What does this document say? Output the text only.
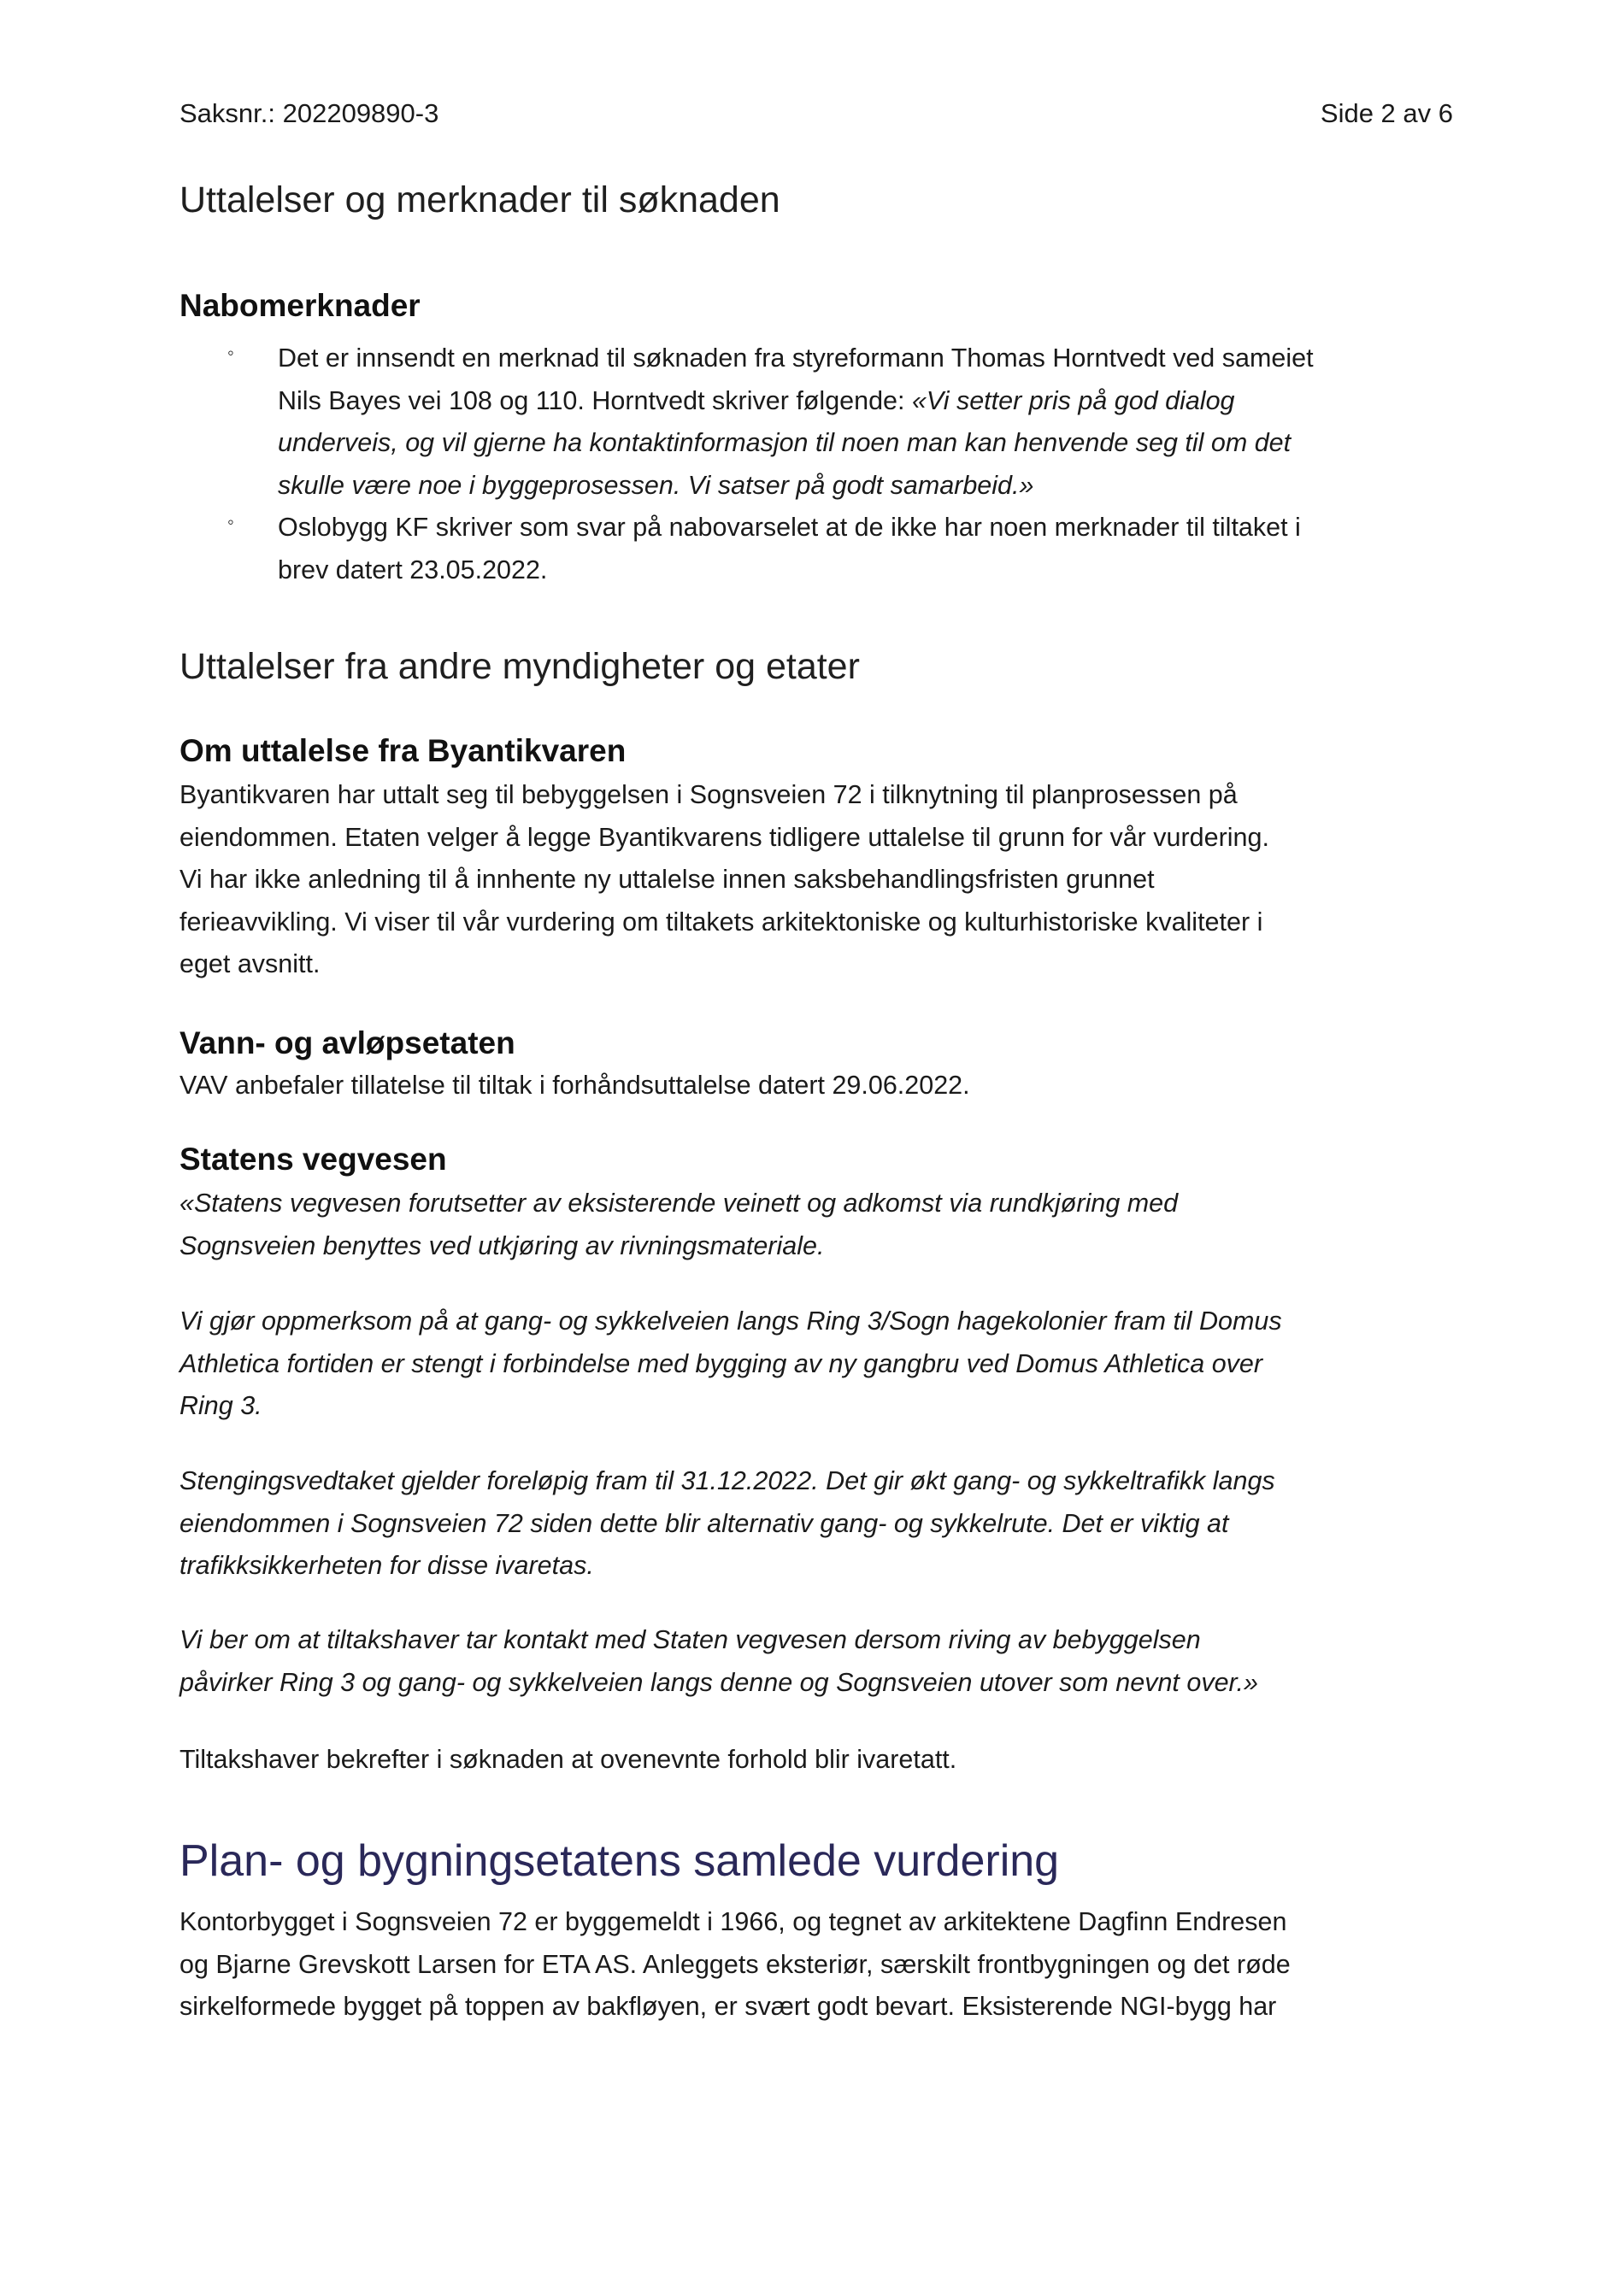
Saksnr.: 202209890-3	Side 2 av 6
Uttalelser og merknader til søknaden
Nabomerknader
◦ Det er innsendt en merknad til søknaden fra styreformann Thomas Horntvedt ved sameiet
Nils Bayes vei 108 og 110. Horntvedt skriver følgende: «Vi setter pris på god dialog
underveis, og vil gjerne ha kontaktinformasjon til noen man kan henvende seg til om det
skulle være noe i byggeprosessen. Vi satser på godt samarbeid.»
◦ Oslobygg KF skriver som svar på nabovarselet at de ikke har noen merknader til tiltaket i
brev datert 23.05.2022.
Uttalelser fra andre myndigheter og etater
Om uttalelse fra Byantikvaren
Byantikvaren har uttalt seg til bebyggelsen i Sognsveien 72 i tilknytning til planprosessen på
eiendommen. Etaten velger å legge Byantikvarens tidligere uttalelse til grunn for vår vurdering.
Vi har ikke anledning til å innhente ny uttalelse innen saksbehandlingsfristen grunnet
ferieavvikling. Vi viser til vår vurdering om tiltakets arkitektoniske og kulturhistoriske kvaliteter i
eget avsnitt.
Vann- og avløpsetaten
VAV anbefaler tillatelse til tiltak i forhåndsuttalelse datert 29.06.2022.
Statens vegvesen
«Statens vegvesen forutsetter av eksisterende veinett og adkomst via rundkjøring med
Sognsveien benyttes ved utkjøring av rivningsmateriale.
Vi gjør oppmerksom på at gang- og sykkelveien langs Ring 3/Sogn hagekolonier fram til Domus
Athletica fortiden er stengt i forbindelse med bygging av ny gangbru ved Domus Athletica over
Ring 3.
Stengingsvedtaket gjelder foreløpig fram til 31.12.2022. Det gir økt gang- og sykkeltrafikk langs
eiendommen i Sognsveien 72 siden dette blir alternativ gang- og sykkelrute. Det er viktig at
trafikksikkerheten for disse ivaretas.
Vi ber om at tiltakshaver tar kontakt med Staten vegvesen dersom riving av bebyggelsen
påvirker Ring 3 og gang- og sykkelveien langs denne og Sognsveien utover som nevnt over.»
Tiltakshaver bekrefter i søknaden at ovenevnte forhold blir ivaretatt.
Plan- og bygningsetatens samlede vurdering
Kontorbygget i Sognsveien 72 er byggemeldt i 1966, og tegnet av arkitektene Dagfinn Endresen
og Bjarne Grevskott Larsen for ETA AS. Anleggets eksteriør, særskilt frontbygningen og det røde
sirkelformede bygget på toppen av bakfløyen, er svært godt bevart. Eksisterende NGI-bygg har
